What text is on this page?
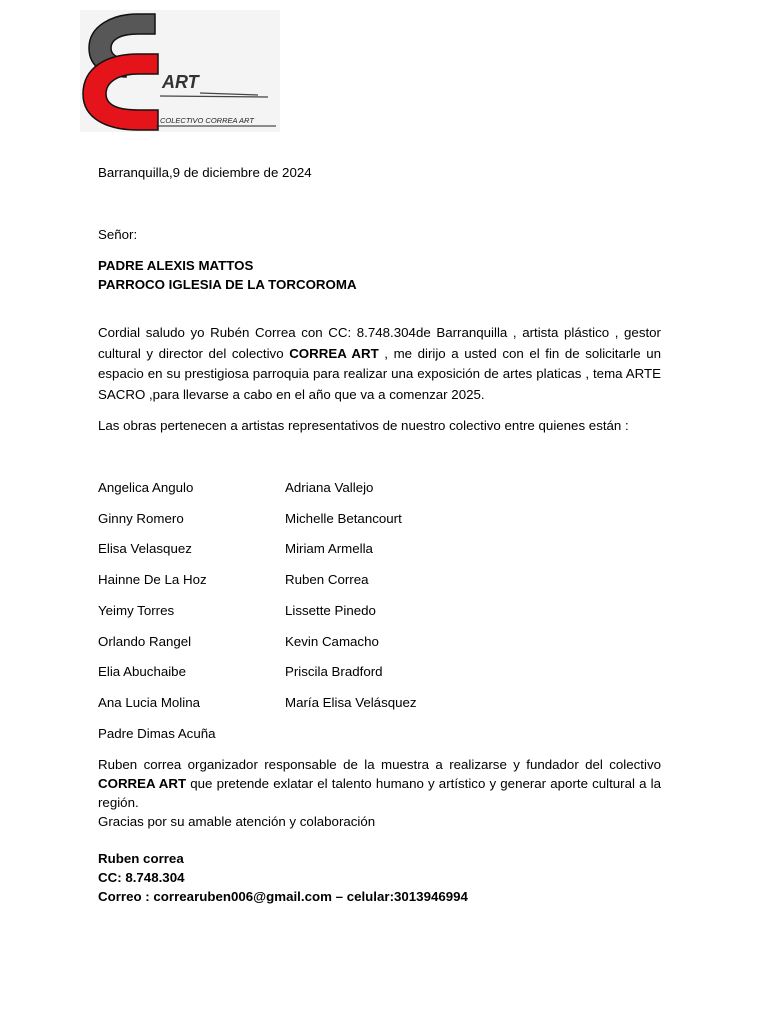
ART
COLECTIVO CORREA ART
Barranquilla,9 de diciembre de 2024
Señor:
PADRE ALEXIS MATTOS
PARROCO IGLESIA DE LA TORCOROMA
Cordial saludo yo Rubén Correa con CC: 8.748.304de Barranquilla , artista plástico , gestor cultural y director del colectivo CORREA ART , me dirijo a usted con el fin de solicitarle un espacio en su prestigiosa parroquia para realizar una exposición de artes platicas , tema ARTE SACRO ,para llevarse a cabo en el año que va a comenzar 2025.
Las obras pertenecen a artistas representativos de nuestro colectivo entre quienes están :
Angelica Angulo
Ginny Romero
Elisa Velasquez
Hainne De La Hoz
Yeimy Torres
Orlando Rangel
Elia Abuchaibe
Ana Lucia Molina
Padre Dimas Acuña
Adriana Vallejo
Michelle Betancourt
Miriam Armella
Ruben Correa
Lissette Pinedo
Kevin Camacho
Priscila Bradford
María Elisa Velásquez
Ruben correa organizador responsable de la muestra a realizarse y fundador del colectivo CORREA ART que pretende exlatar el talento humano y artístico y generar aporte cultural a la región.
Gracias por su amable atención y colaboración
Ruben correa
CC: 8.748.304
Correo : correaruben006@gmail.com – celular:3013946994
